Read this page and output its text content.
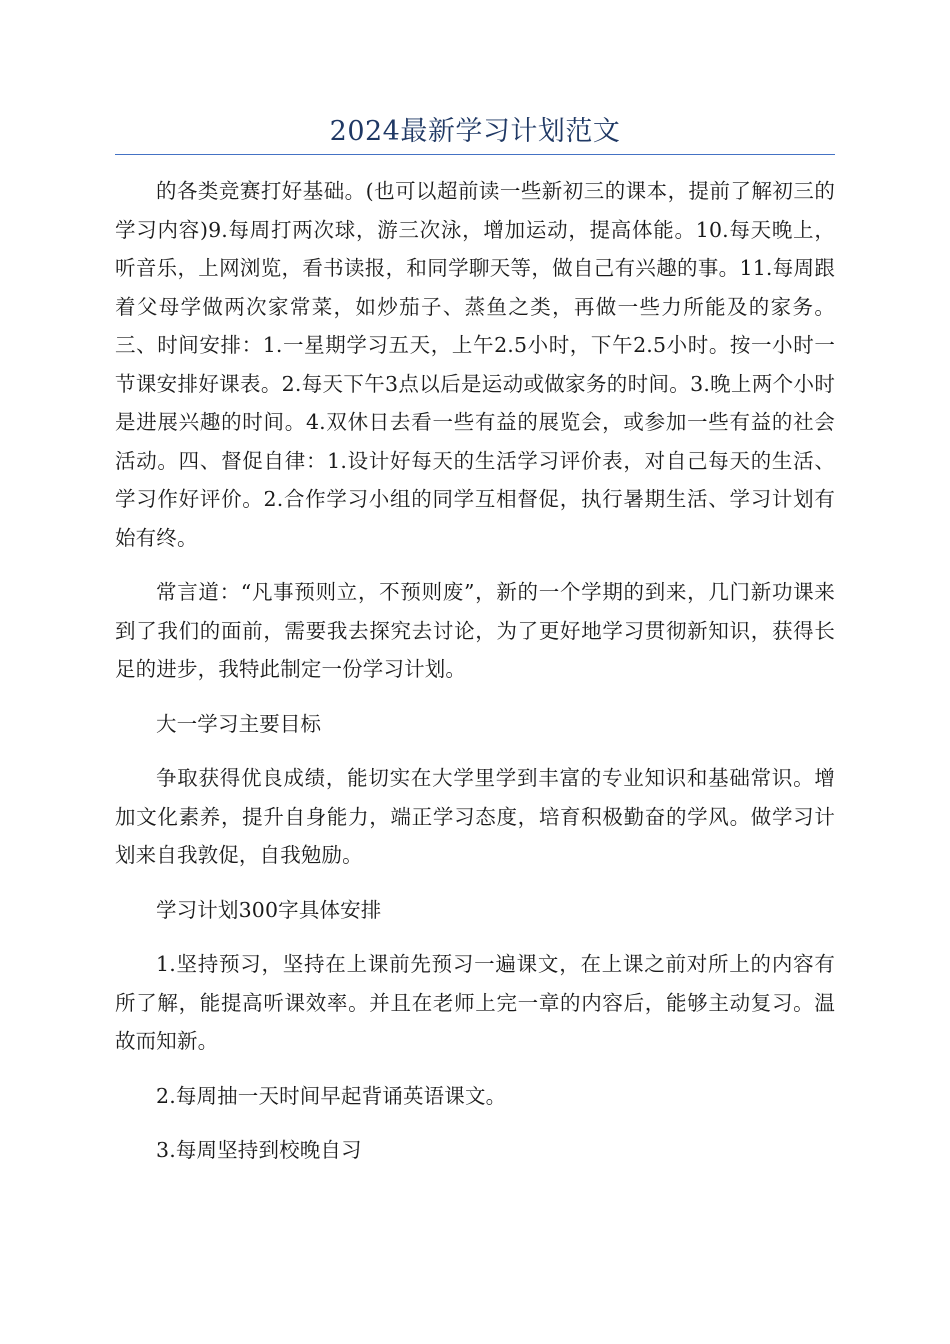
2024最新学习计划范文

的各类竞赛打好基础。(也可以超前读一些新初三的课本，提前了解初三的学习内容)9.每周打两次球，游三次泳，增加运动，提高体能。10.每天晚上，听音乐，上网浏览，看书读报，和同学聊天等，做自己有兴趣的事。11.每周跟着父母学做两次家常菜，如炒茄子、蒸鱼之类，再做一些力所能及的家务。三、时间安排：1.一星期学习五天，上午2.5小时，下午2.5小时。按一小时一节课安排好课表。2.每天下午3点以后是运动或做家务的时间。3.晚上两个小时是进展兴趣的时间。4.双休日去看一些有益的展览会，或参加一些有益的社会活动。四、督促自律：1.设计好每天的生活学习评价表，对自己每天的生活、学习作好评价。2.合作学习小组的同学互相督促，执行暑期生活、学习计划有始有终。

常言道：“凡事预则立，不预则废”，新的一个学期的到来，几门新功课来到了我们的面前，需要我去探究去讨论，为了更好地学习贯彻新知识，获得长足的进步，我特此制定一份学习计划。

大一学习主要目标

争取获得优良成绩，能切实在大学里学到丰富的专业知识和基础常识。增加文化素养，提升自身能力，端正学习态度，培育积极勤奋的学风。做学习计划来自我敦促，自我勉励。

学习计划300字具体安排

1.坚持预习，坚持在上课前先预习一遍课文，在上课之前对所上的内容有所了解，能提高听课效率。并且在老师上完一章的内容后，能够主动复习。温故而知新。

2.每周抽一天时间早起背诵英语课文。

3.每周坚持到校晚自习
